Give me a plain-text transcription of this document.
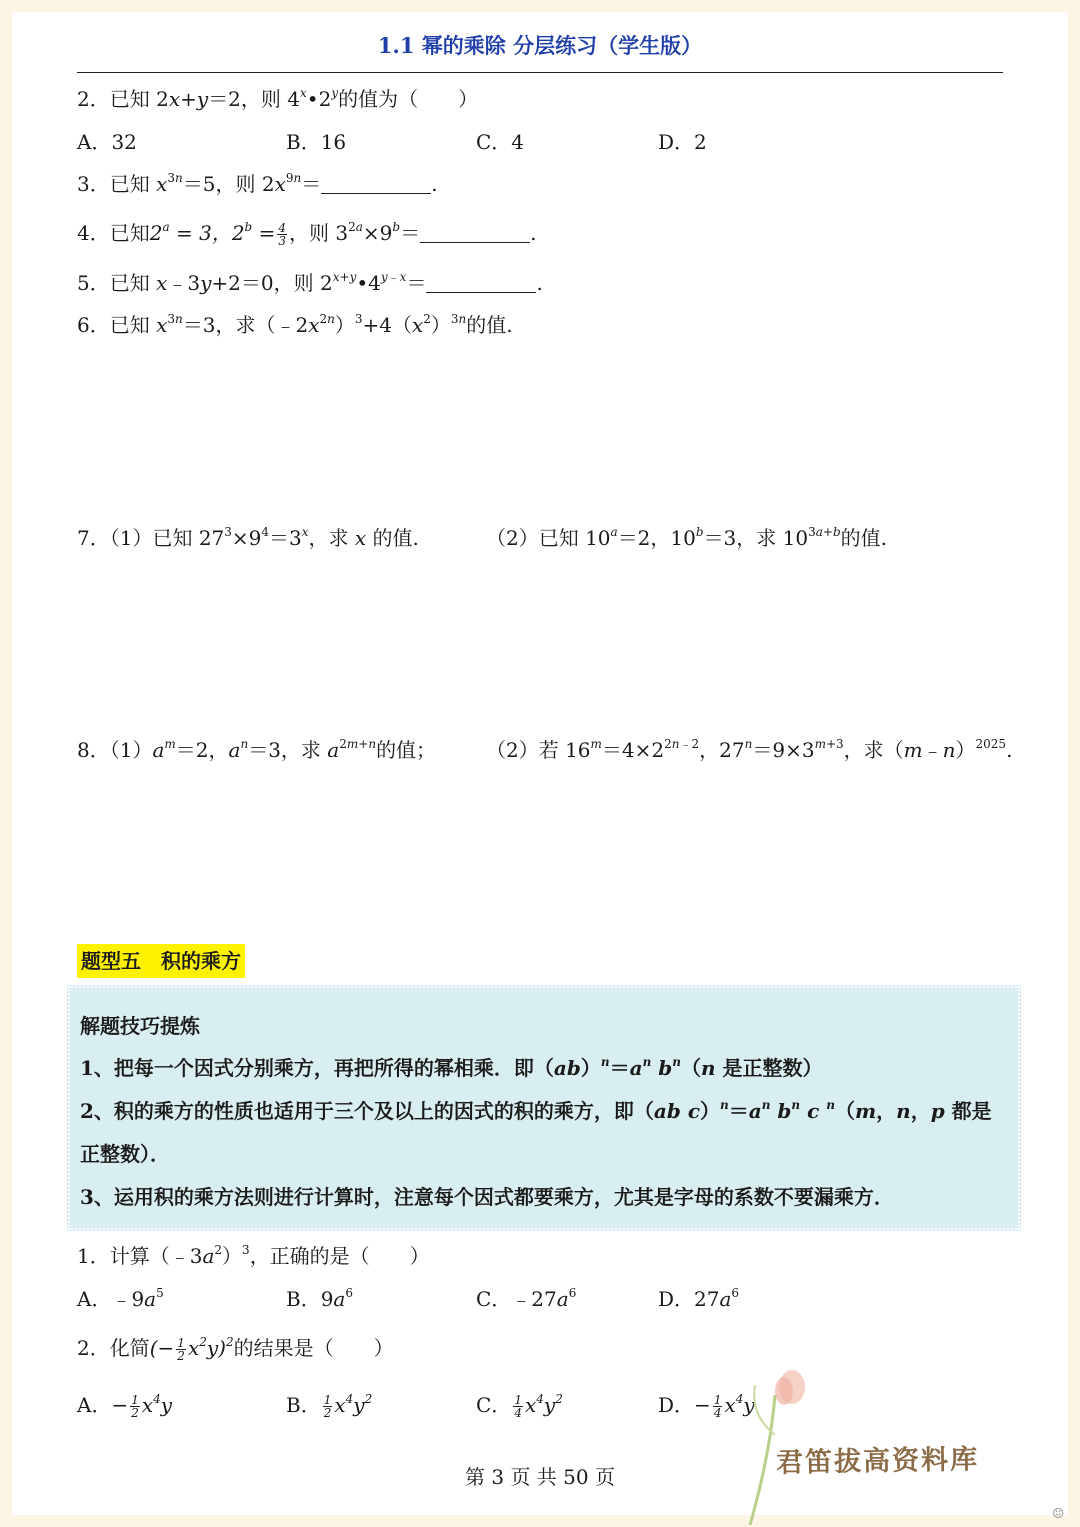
1.1 幂的乘除 分层练习（学生版）
2．已知 2x+y＝2，则 4$^x$•2$^y$的值为（　　）
A．32	B．16	C．4	D．2
3．已知 $x^{3n}=5$，则 $2x^{9n}=$	.
4．已知$2^a = 3$，$2^b = \frac{4}{3}$ ，则 $3^{2a}\times 9^b=$	.
5．已知 x﹣3y+2＝0，则 $2^{x+y}•4^{y﹣x}=$	.
6．已知 $x^{3n}=3$，求$(﹣2x^{2n})^3+4(x^2)^{3n}$的值.
7．（1）已知 $27^3\times 9^4=3^x$，求 x 的值.	（2）已知 $10^a=2$，$10^b=3$，求 $10^{3a+b}$的值.
8．$(1)a^m=2$，$a^n=3$，求 $a^{2m+n}$的值； （2）若 $16^m=4\times 2^{2n﹣2}$，$27^n=9\times 3^{m+3}$，求（m﹣n）$^{2025}$.
题型五　积的乘方
解题技巧提炼
1、把每一个因式分别乘方，再把所得的幂相乘．即$(ab)^n=a^n$ $b^n(n$ 是正整数）
2、积的乘方的性质也适用于三个及以上的因式的积的乘方，即（ab $c)^n=a^n$ $b^n$ c $^n$（m，n，p 都是
正整数）．
3、运用积的乘方法则进行计算时，注意每个因式都要乘方，尤其是字母的系数不要漏乘方．
1．计算$(﹣3a^2)^3$，正确的是（　　）
A．$﹣9a^5$	B．$9a^6$	C．$﹣27a^6$	D．$27a^6$
2．化简(− $\frac{1}{2} x^2y)^2$的结果是（　　）
A．− $\frac{1}{2} x^4y$	B． $\frac{1}{2} x^4y^2$	C． $\frac{1}{4} x^4y^2$	D．− $\frac{1}{4} x^4y$
君笛拔高资料库
第 3 页 共 50 页
☺
